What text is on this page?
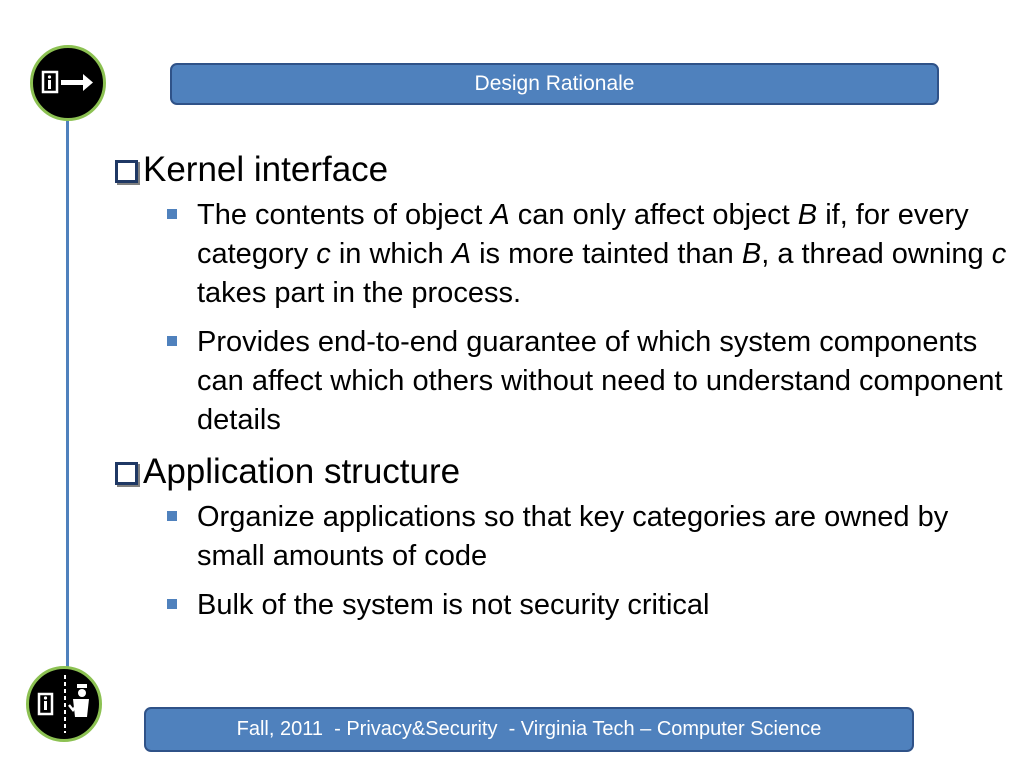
Design Rationale
Kernel interface
The contents of object A can only affect object B if, for every category c in which A is more tainted than B, a thread owning c takes part in the process.
Provides end-to-end guarantee of which system components can affect which others without need to understand component details
Application structure
Organize applications so that key categories are owned by small amounts of code
Bulk of the system is not security critical
Fall, 2011  - Privacy&Security  - Virginia Tech – Computer Science
